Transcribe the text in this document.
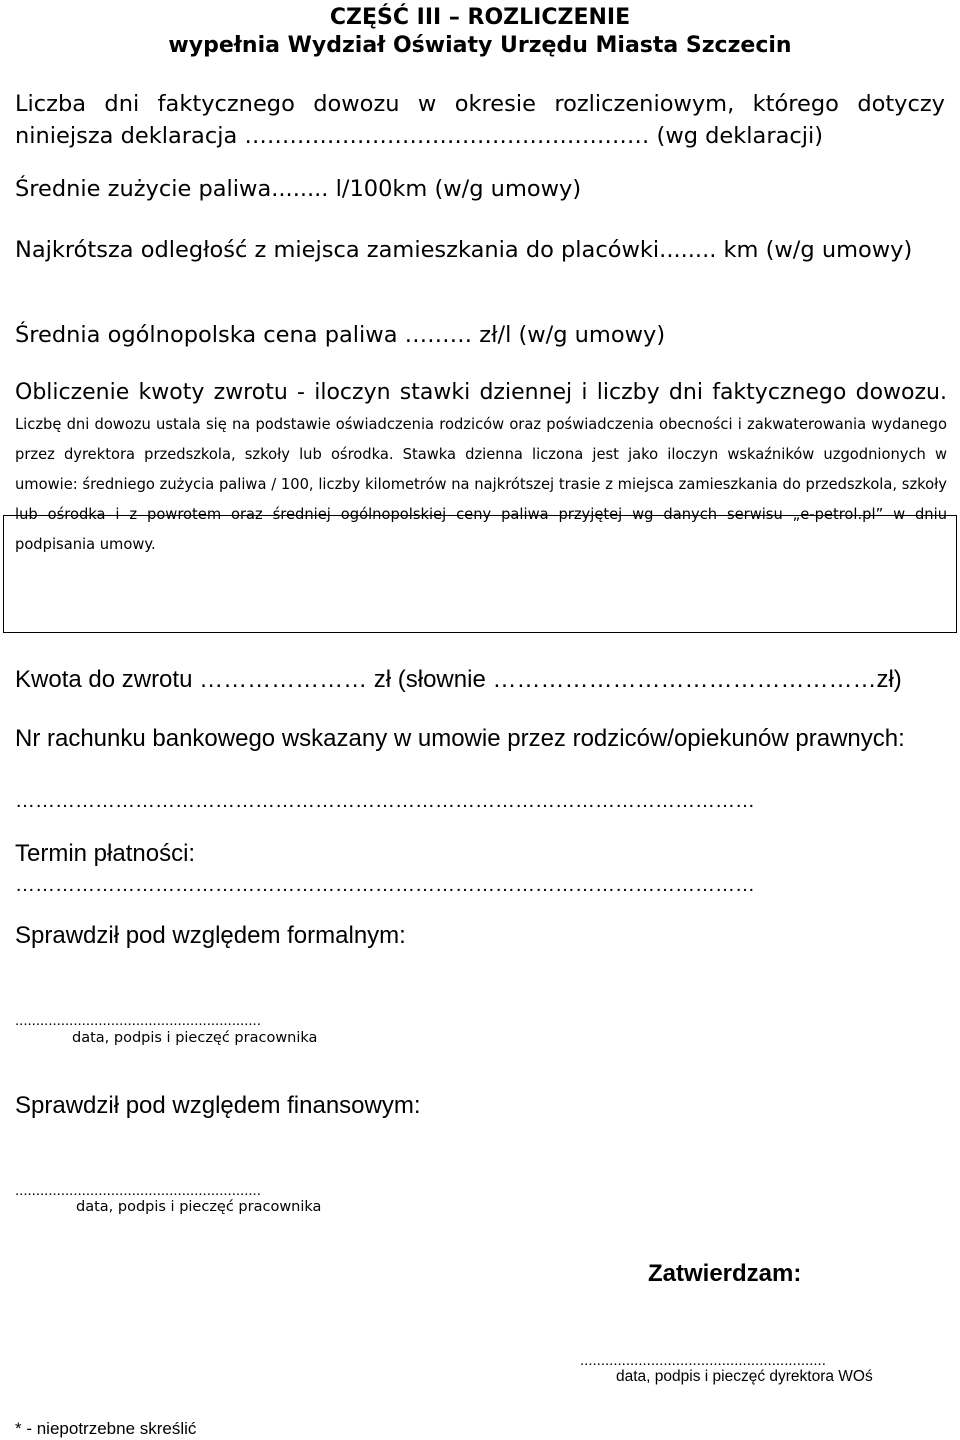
CZĘŚĆ III – ROZLICZENIE
wypełnia Wydział Oświaty Urzędu Miasta Szczecin
Liczba dni faktycznego dowozu w okresie rozliczeniowym, którego dotyczy niniejsza deklaracja ……………………………………………… (wg deklaracji)
Średnie zużycie paliwa........ l/100km (w/g umowy)
Najkrótsza odległość z miejsca zamieszkania do placówki........ km (w/g umowy)
Średnia ogólnopolska cena paliwa ……… zł/l (w/g umowy)
Obliczenie kwoty zwrotu - iloczyn stawki dziennej i liczby dni faktycznego dowozu. Liczbę dni dowozu ustala się na podstawie oświadczenia rodziców oraz poświadczenia obecności i zakwaterowania wydanego przez dyrektora przedszkola, szkoły lub ośrodka. Stawka dzienna liczona jest jako iloczyn wskaźników uzgodnionych w umowie: średniego zużycia paliwa / 100, liczby kilometrów na najkrótszej trasie z miejsca zamieszkania do przedszkola, szkoły lub ośrodka i z powrotem oraz średniej ogólnopolskiej ceny paliwa przyjętej wg danych serwisu „e-petrol.pl” w dniu podpisania umowy.
Kwota do zwrotu ………………… zł (słownie …………………………………………zł)
Nr rachunku bankowego wskazany w umowie przez rodziców/opiekunów prawnych:
…………………………………………………………………………………………………
Termin płatności:
…………………………………………………………………………………………………
Sprawdził pod względem formalnym:
...........................................................
data, podpis i pieczęć pracownika
Sprawdził pod względem finansowym:
...........................................................
data, podpis i pieczęć pracownika
Zatwierdzam:
...........................................................
data, podpis i pieczęć dyrektora WOś
* - niepotrzebne skreślić
